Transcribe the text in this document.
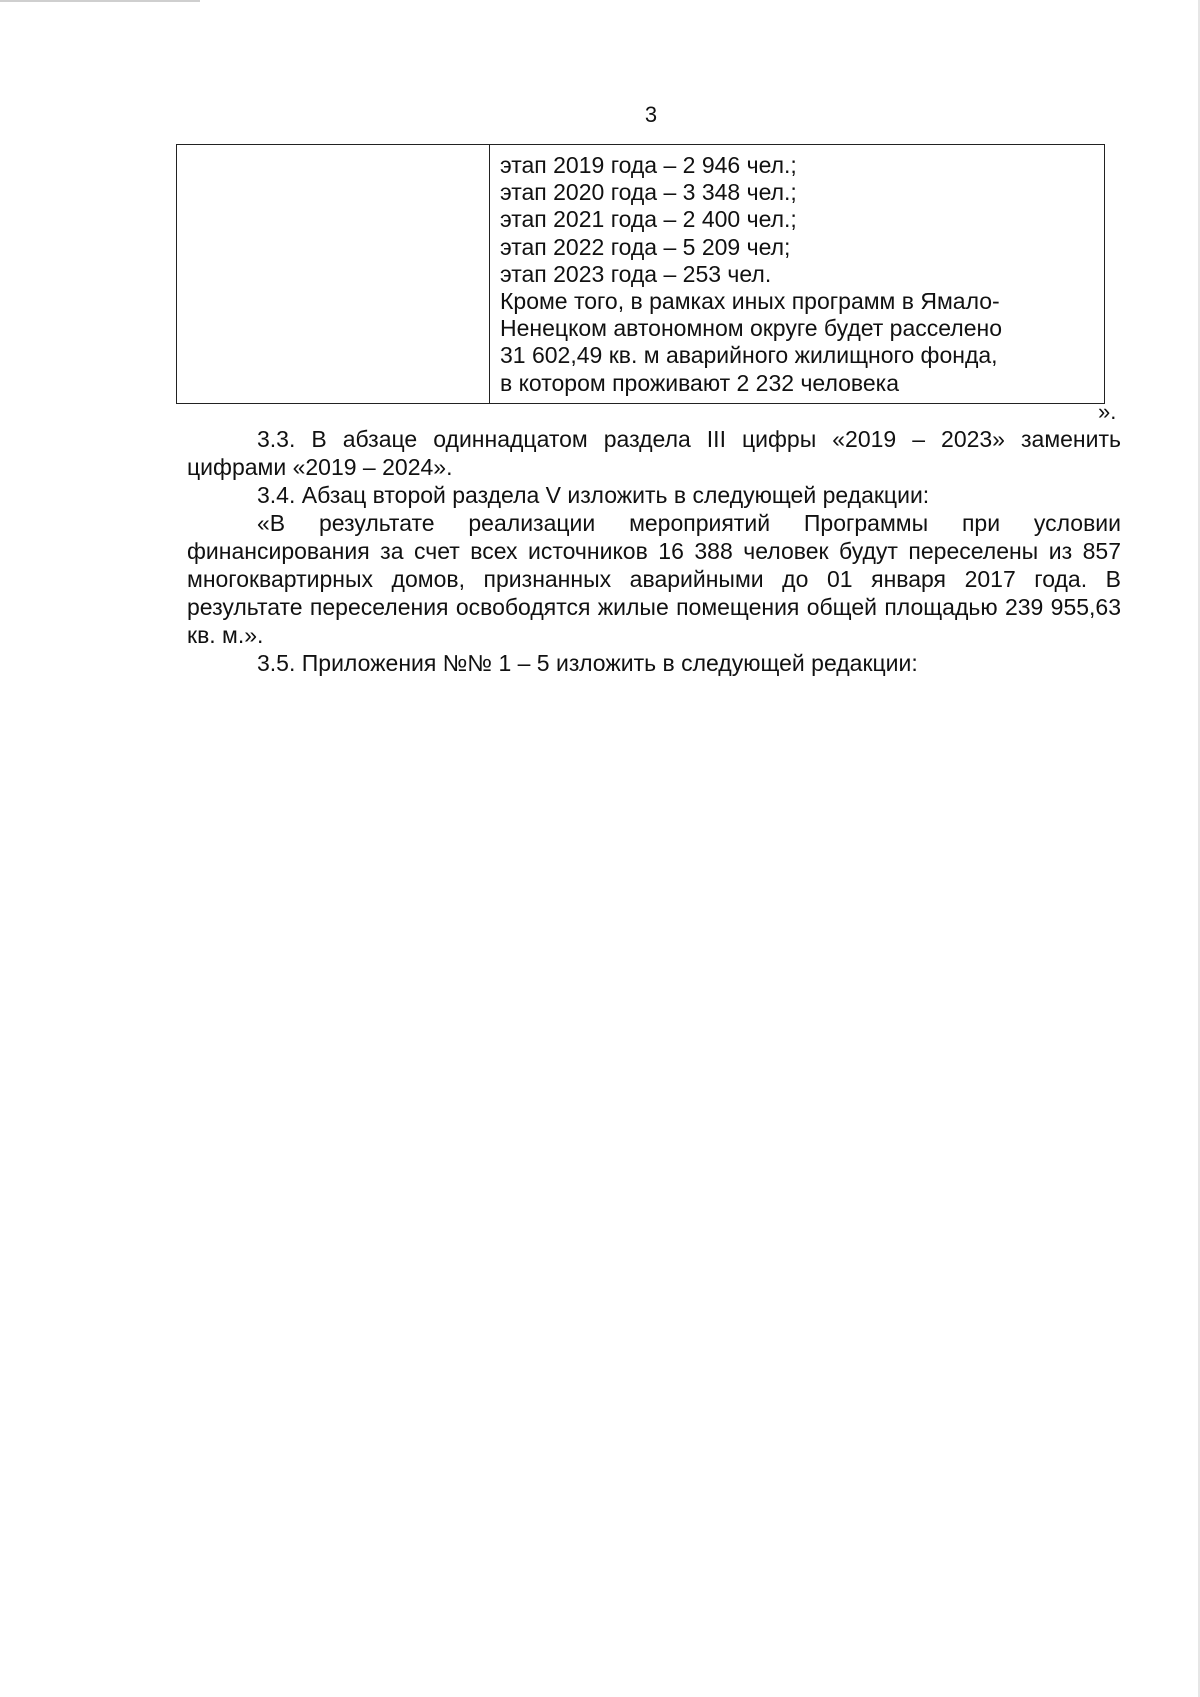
3
этап 2019 года – 2 946 чел.;
этап 2020 года – 3 348 чел.;
этап 2021 года – 2 400 чел.;
этап 2022 года – 5 209 чел;
этап 2023 года – 253 чел.
Кроме того, в рамках иных программ в Ямало-
Ненецком автономном округе будет расселено
31 602,49 кв. м аварийного жилищного фонда,
в котором проживают 2 232 человека
».
3.3. В абзаце одиннадцатом раздела III цифры «2019 – 2023» заменить цифрами «2019 – 2024».
3.4. Абзац второй раздела V изложить в следующей редакции:
«В результате реализации мероприятий Программы при условии финансирования за счет всех источников 16 388 человек будут переселены из 857 многоквартирных домов, признанных аварийными до 01 января 2017 года. В результате переселения освободятся жилые помещения общей площадью 239 955,63 кв. м.».
3.5. Приложения №№ 1 – 5 изложить в следующей редакции:
